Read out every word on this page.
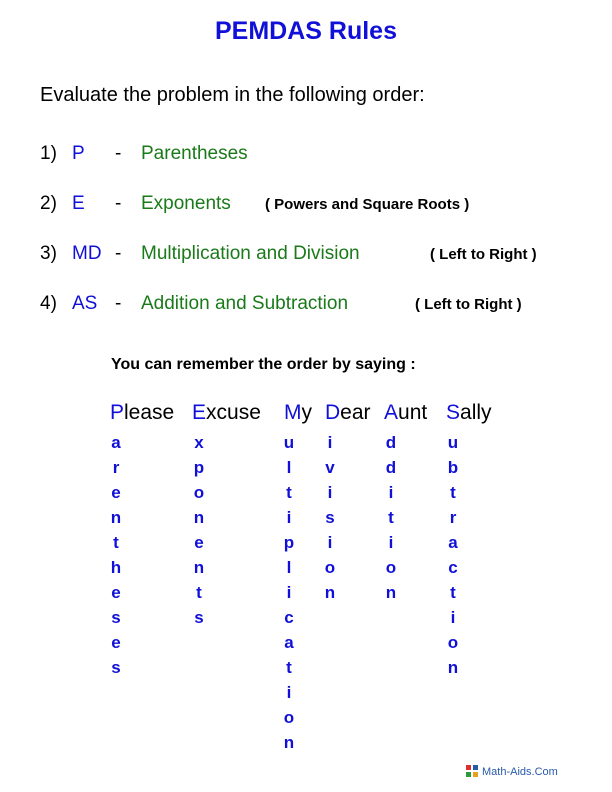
PEMDAS Rules
Evaluate the problem in the following order:
1) P - Parentheses
2) E - Exponents ( Powers and Square Roots )
3) MD - Multiplication and Division	( Left to Right )
4) AS - Addition and Subtraction	( Left to Right )
You can remember the order by saying :
Please Excuse My Dear Aunt Sally
a
r
e
n
t
h
e
s
e
s
x
p
o
n
e
n
t
s
u
l
t
i
p
l
i
c
a
t
i
o
n
i
v
i
s
i
o
n
d
d
i
t
i
o
n
u
b
t
r
a
c
t
i
o
n
Math-Aids.Com
